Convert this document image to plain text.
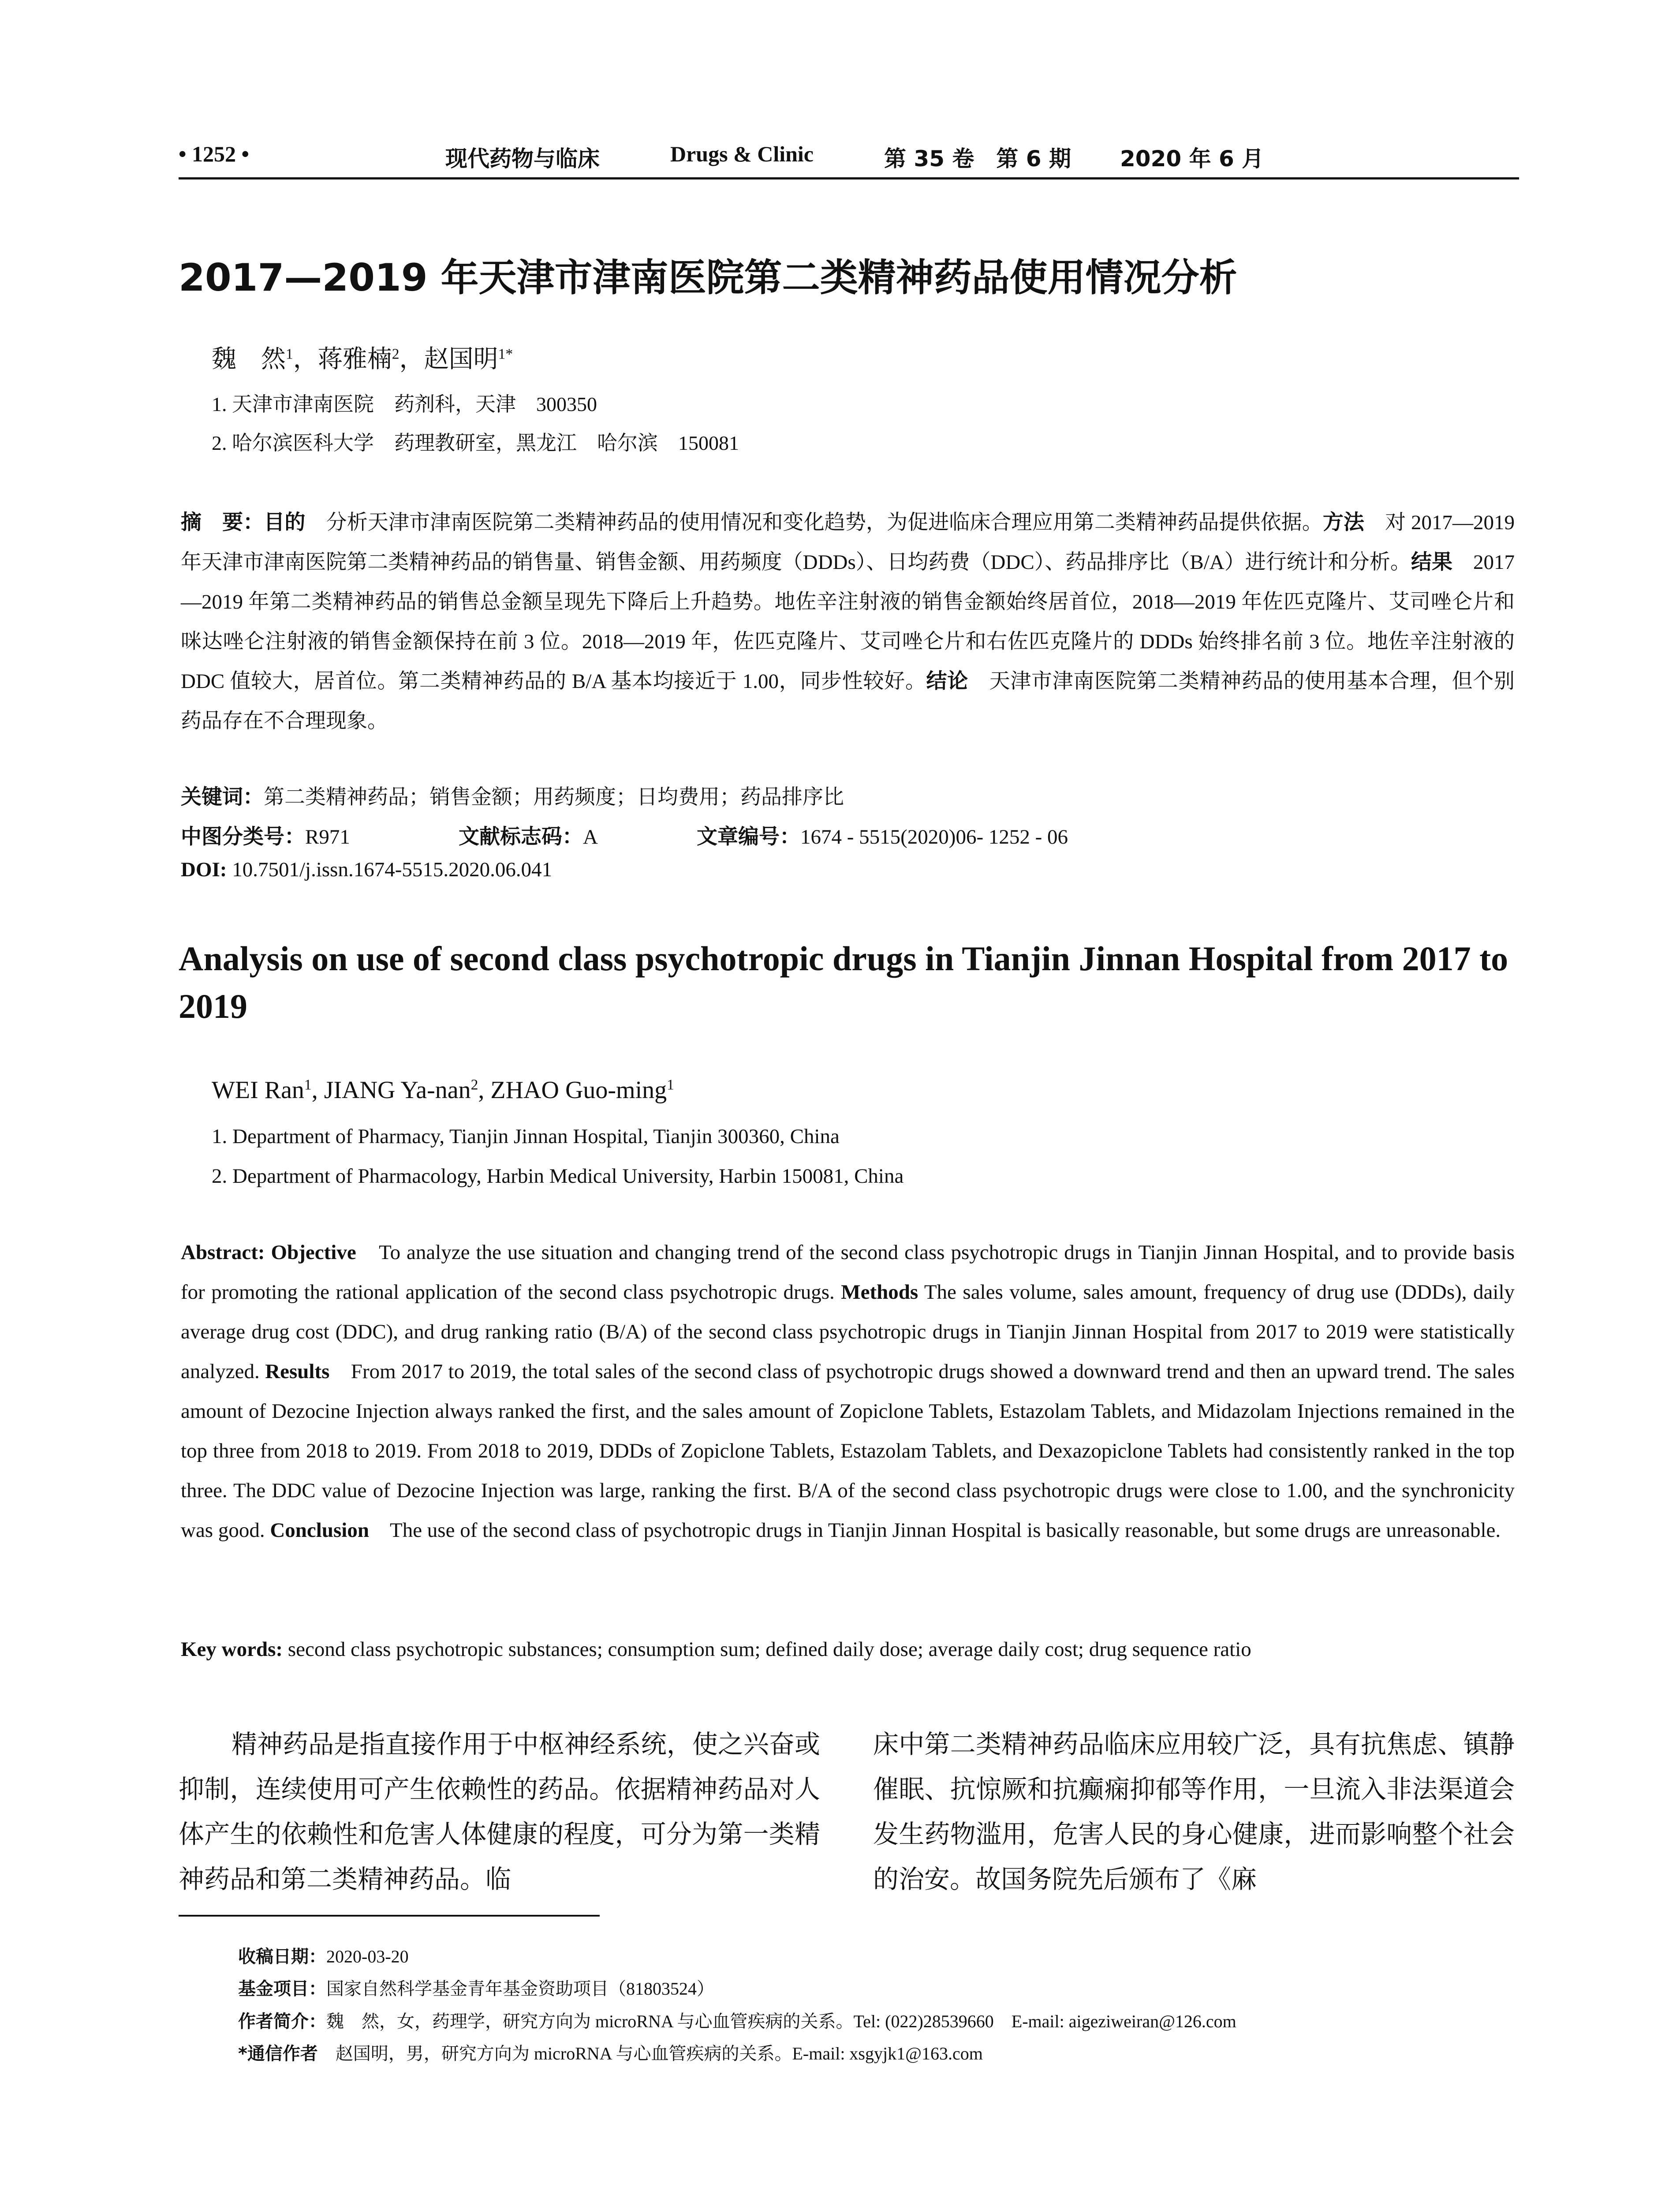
• 1252 •	现代药物与临床	Drugs & Clinic	第 35 卷　第 6 期 2020 年 6 月
2017—2019 年天津市津南医院第二类精神药品使用情况分析
魏　然$^1$，蒋雅楠$^2$，赵国明$^{1*}$
1. 天津市津南医院　药剂科，天津　300350
2. 哈尔滨医科大学　药理教研室，黑龙江　哈尔滨　150081
摘　要：目的　分析天津市津南医院第二类精神药品的使用情况和变化趋势，为促进临床合理应用第二类精神药品提供依据。方法　对 2017—2019 年天津市津南医院第二类精神药品的销售量、销售金额、用药频度（DDDs）、日均药费（DDC）、药品排序比（B/A）进行统计和分析。结果　2017—2019 年第二类精神药品的销售总金额呈现先下降后上升趋势。地佐辛注射液的销售金额始终居首位，2018—2019 年佐匹克隆片、艾司唑仑片和咪达唑仑注射液的销售金额保持在前 3 位。2018—2019 年，佐匹克隆片、艾司唑仑片和右佐匹克隆片的 DDDs 始终排名前 3 位。地佐辛注射液的 DDC 值较大，居首位。第二类精神药品的 B/A 基本均接近于 1.00，同步性较好。结论　天津市津南医院第二类精神药品的使用基本合理，但个别药品存在不合理现象。
关键词：第二类精神药品；销售金额；用药频度；日均费用；药品排序比
中图分类号：R971	文献标志码：A	文章编号：1674 - 5515(2020)06- 1252 - 06
DOI: 10.7501/j.issn.1674-5515.2020.06.041
Analysis on use of second class psychotropic drugs in Tianjin Jinnan Hospital from 2017 to 2019
WEI Ran$^1$, JIANG Ya-nan$^2$, ZHAO Guo-ming$^1$
1. Department of Pharmacy, Tianjin Jinnan Hospital, Tianjin 300360, China
2. Department of Pharmacology, Harbin Medical University, Harbin 150081, China
Abstract: Objective　To analyze the use situation and changing trend of the second class psychotropic drugs in Tianjin Jinnan Hospital, and to provide basis for promoting the rational application of the second class psychotropic drugs. Methods The sales volume, sales amount, frequency of drug use (DDDs), daily average drug cost (DDC), and drug ranking ratio (B/A) of the second class psychotropic drugs in Tianjin Jinnan Hospital from 2017 to 2019 were statistically analyzed. Results　From 2017 to 2019, the total sales of the second class of psychotropic drugs showed a downward trend and then an upward trend. The sales amount of Dezocine Injection always ranked the first, and the sales amount of Zopiclone Tablets, Estazolam Tablets, and Midazolam Injections remained in the top three from 2018 to 2019. From 2018 to 2019, DDDs of Zopiclone Tablets, Estazolam Tablets, and Dexazopiclone Tablets had consistently ranked in the top three. The DDC value of Dezocine Injection was large, ranking the first. B/A of the second class psychotropic drugs were close to 1.00, and the synchronicity was good. Conclusion　The use of the second class of psychotropic drugs in Tianjin Jinnan Hospital is basically reasonable, but some drugs are unreasonable.
Key words: second class psychotropic substances; consumption sum; defined daily dose; average daily cost; drug sequence ratio
精神药品是指直接作用于中枢神经系统，使之兴奋或抑制，连续使用可产生依赖性的药品。依据精神药品对人体产生的依赖性和危害人体健康的程度，可分为第一类精神药品和第二类精神药品。临
床中第二类精神药品临床应用较广泛，具有抗焦虑、镇静催眠、抗惊厥和抗癫痫抑郁等作用，一旦流入非法渠道会发生药物滥用，危害人民的身心健康，进而影响整个社会的治安。故国务院先后颁布了《麻
收稿日期：2020-03-20
基金项目：国家自然科学基金青年基金资助项目（81803524）
作者简介：魏　然，女，药理学，研究方向为 microRNA 与心血管疾病的关系。Tel: (022)28539660　E-mail: aigeziweiran@126.com
*通信作者　赵国明，男，研究方向为 microRNA 与心血管疾病的关系。E-mail: xsgyjk1@163.com
